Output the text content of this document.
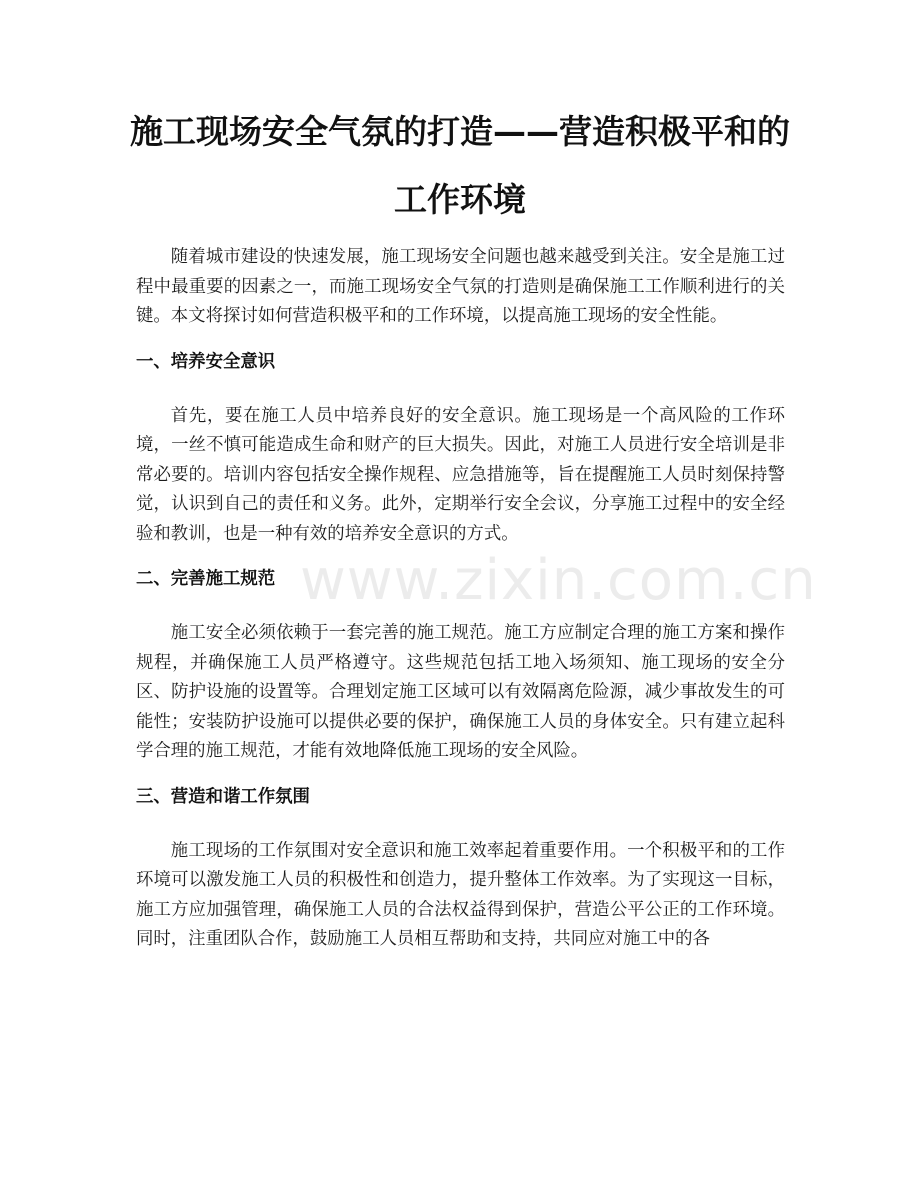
施工现场安全气氛的打造——营造积极平和的工作环境
www.zixin.com.cn

随着城市建设的快速发展，施工现场安全问题也越来越受到关注。安全是施工过程中最重要的因素之一，而施工现场安全气氛的打造则是确保施工工作顺利进行的关键。本文将探讨如何营造积极平和的工作环境，以提高施工现场的安全性能。

一、培养安全意识

首先，要在施工人员中培养良好的安全意识。施工现场是一个高风险的工作环境，一丝不慎可能造成生命和财产的巨大损失。因此，对施工人员进行安全培训是非常必要的。培训内容包括安全操作规程、应急措施等，旨在提醒施工人员时刻保持警觉，认识到自己的责任和义务。此外，定期举行安全会议，分享施工过程中的安全经验和教训，也是一种有效的培养安全意识的方式。

二、完善施工规范

施工安全必须依赖于一套完善的施工规范。施工方应制定合理的施工方案和操作规程，并确保施工人员严格遵守。这些规范包括工地入场须知、施工现场的安全分区、防护设施的设置等。合理划定施工区域可以有效隔离危险源，减少事故发生的可能性；安装防护设施可以提供必要的保护，确保施工人员的身体安全。只有建立起科学合理的施工规范，才能有效地降低施工现场的安全风险。

三、营造和谐工作氛围

施工现场的工作氛围对安全意识和施工效率起着重要作用。一个积极平和的工作环境可以激发施工人员的积极性和创造力，提升整体工作效率。为了实现这一目标，施工方应加强管理，确保施工人员的合法权益得到保护，营造公平公正的工作环境。同时，注重团队合作，鼓励施工人员相互帮助和支持，共同应对施工中的各
